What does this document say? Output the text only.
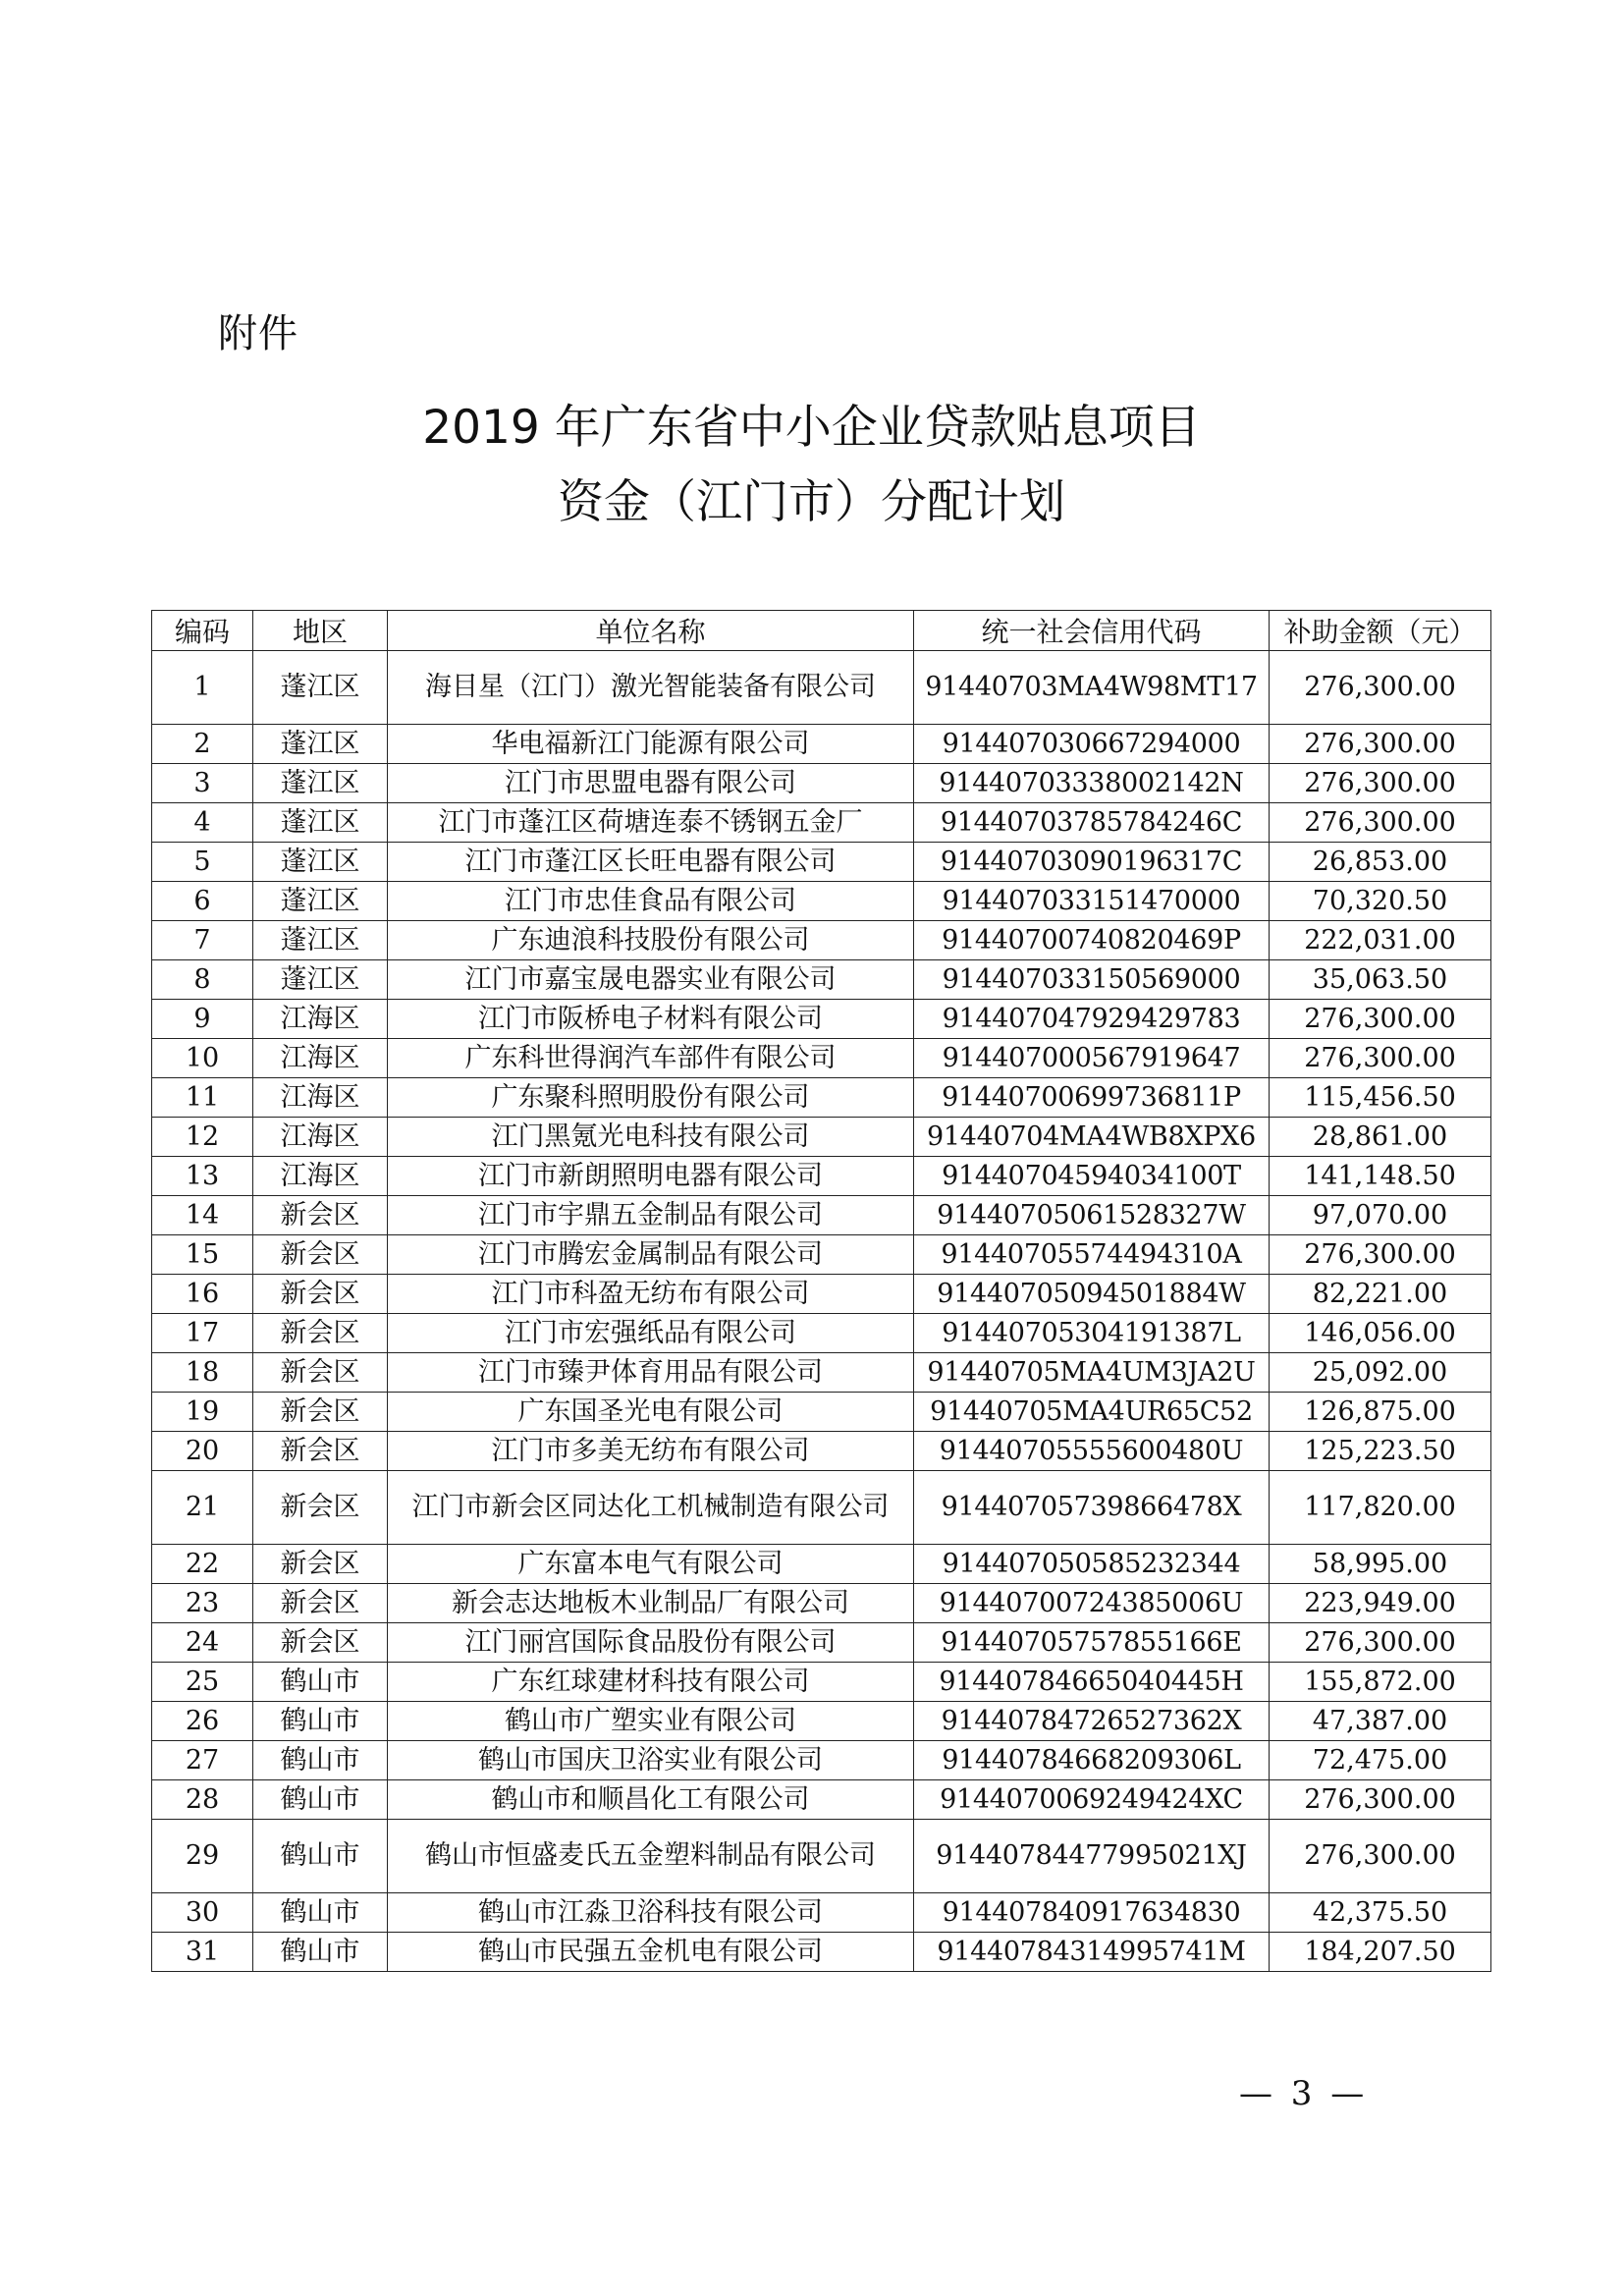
附件
2019 年广东省中小企业贷款贴息项目
资金（江门市）分配计划
编码	地区	单位名称	统一社会信用代码	补助金额（元）
1	蓬江区	海目星（江门）激光智能装备有限公司	91440703MA4W98MT17	276,300.00
2	蓬江区	华电福新江门能源有限公司	914407030667294000	276,300.00
3	蓬江区	江门市思盟电器有限公司	91440703338002142N	276,300.00
4	蓬江区	江门市蓬江区荷塘连泰不锈钢五金厂	91440703785784246C	276,300.00
5	蓬江区	江门市蓬江区长旺电器有限公司	91440703090196317C	26,853.00
6	蓬江区	江门市忠佳食品有限公司	914407033151470000	70,320.50
7	蓬江区	广东迪浪科技股份有限公司	91440700740820469P	222,031.00
8	蓬江区	江门市嘉宝晟电器实业有限公司	914407033150569000	35,063.50
9	江海区	江门市阪桥电子材料有限公司	914407047929429783	276,300.00
10	江海区	广东科世得润汽车部件有限公司	914407000567919647	276,300.00
11	江海区	广东聚科照明股份有限公司	91440700699736811P	115,456.50
12	江海区	江门黑氪光电科技有限公司	91440704MA4WB8XPX6	28,861.00
13	江海区	江门市新朗照明电器有限公司	91440704594034100T	141,148.50
14	新会区	江门市宇鼎五金制品有限公司	91440705061528327W	97,070.00
15	新会区	江门市腾宏金属制品有限公司	91440705574494310A	276,300.00
16	新会区	江门市科盈无纺布有限公司	91440705094501884W	82,221.00
17	新会区	江门市宏强纸品有限公司	91440705304191387L	146,056.00
18	新会区	江门市臻尹体育用品有限公司	91440705MA4UM3JA2U	25,092.00
19	新会区	广东国圣光电有限公司	91440705MA4UR65C52	126,875.00
20	新会区	江门市多美无纺布有限公司	91440705555600480U	125,223.50
21	新会区	江门市新会区同达化工机械制造有限公司	91440705739866478X	117,820.00
22	新会区	广东富本电气有限公司	914407050585232344	58,995.00
23	新会区	新会志达地板木业制品厂有限公司	91440700724385006U	223,949.00
24	新会区	江门丽宫国际食品股份有限公司	91440705757855166E	276,300.00
25	鹤山市	广东红球建材科技有限公司	91440784665040445H	155,872.00
26	鹤山市	鹤山市广塑实业有限公司	91440784726527362X	47,387.00
27	鹤山市	鹤山市国庆卫浴实业有限公司	91440784668209306L	72,475.00
28	鹤山市	鹤山市和顺昌化工有限公司	9144070069249424XC	276,300.00
29	鹤山市	鹤山市恒盛麦氏五金塑料制品有限公司	91440784477995021XJ	276,300.00
30	鹤山市	鹤山市江淼卫浴科技有限公司	914407840917634830	42,375.50
31	鹤山市	鹤山市民强五金机电有限公司	91440784314995741M	184,207.50
— 3 —
